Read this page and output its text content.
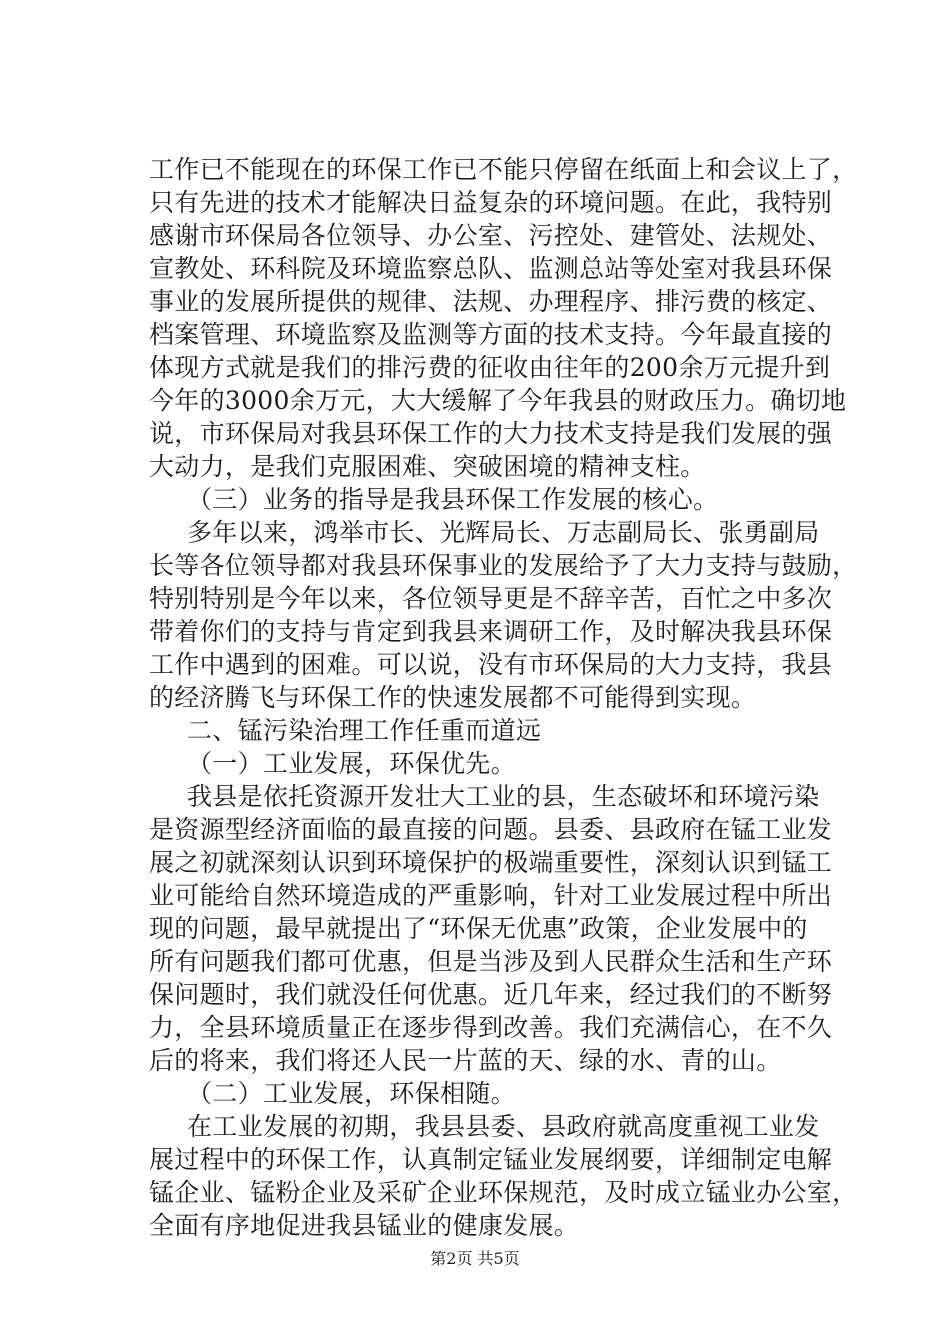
工作已不能现在的环保工作已不能只停留在纸面上和会议上了，
只有先进的技术才能解决日益复杂的环境问题。在此，我特别
感谢市环保局各位领导、办公室、污控处、建管处、法规处、
宣教处、环科院及环境监察总队、监测总站等处室对我县环保
事业的发展所提供的规律、法规、办理程序、排污费的核定、
档案管理、环境监察及监测等方面的技术支持。今年最直接的
体现方式就是我们的排污费的征收由往年的200余万元提升到
今年的3000余万元，大大缓解了今年我县的财政压力。确切地
说，市环保局对我县环保工作的大力技术支持是我们发展的强
大动力，是我们克服困难、突破困境的精神支柱。
（三）业务的指导是我县环保工作发展的核心。
多年以来，鸿举市长、光辉局长、万志副局长、张勇副局
长等各位领导都对我县环保事业的发展给予了大力支持与鼓励，
特别特别是今年以来，各位领导更是不辞辛苦，百忙之中多次
带着你们的支持与肯定到我县来调研工作，及时解决我县环保
工作中遇到的困难。可以说，没有市环保局的大力支持，我县
的经济腾飞与环保工作的快速发展都不可能得到实现。
二、锰污染治理工作任重而道远
（一）工业发展，环保优先。
我县是依托资源开发壮大工业的县，生态破坏和环境污染
是资源型经济面临的最直接的问题。县委、县政府在锰工业发
展之初就深刻认识到环境保护的极端重要性，深刻认识到锰工
业可能给自然环境造成的严重影响，针对工业发展过程中所出
现的问题，最早就提出了“环保无优惠”政策，企业发展中的
所有问题我们都可优惠，但是当涉及到人民群众生活和生产环
保问题时，我们就没任何优惠。近几年来，经过我们的不断努
力，全县环境质量正在逐步得到改善。我们充满信心，在不久
后的将来，我们将还人民一片蓝的天、绿的水、青的山。
（二）工业发展，环保相随。
在工业发展的初期，我县县委、县政府就高度重视工业发
展过程中的环保工作，认真制定锰业发展纲要，详细制定电解
锰企业、锰粉企业及采矿企业环保规范，及时成立锰业办公室，
全面有序地促进我县锰业的健康发展。
第2页 共5页
